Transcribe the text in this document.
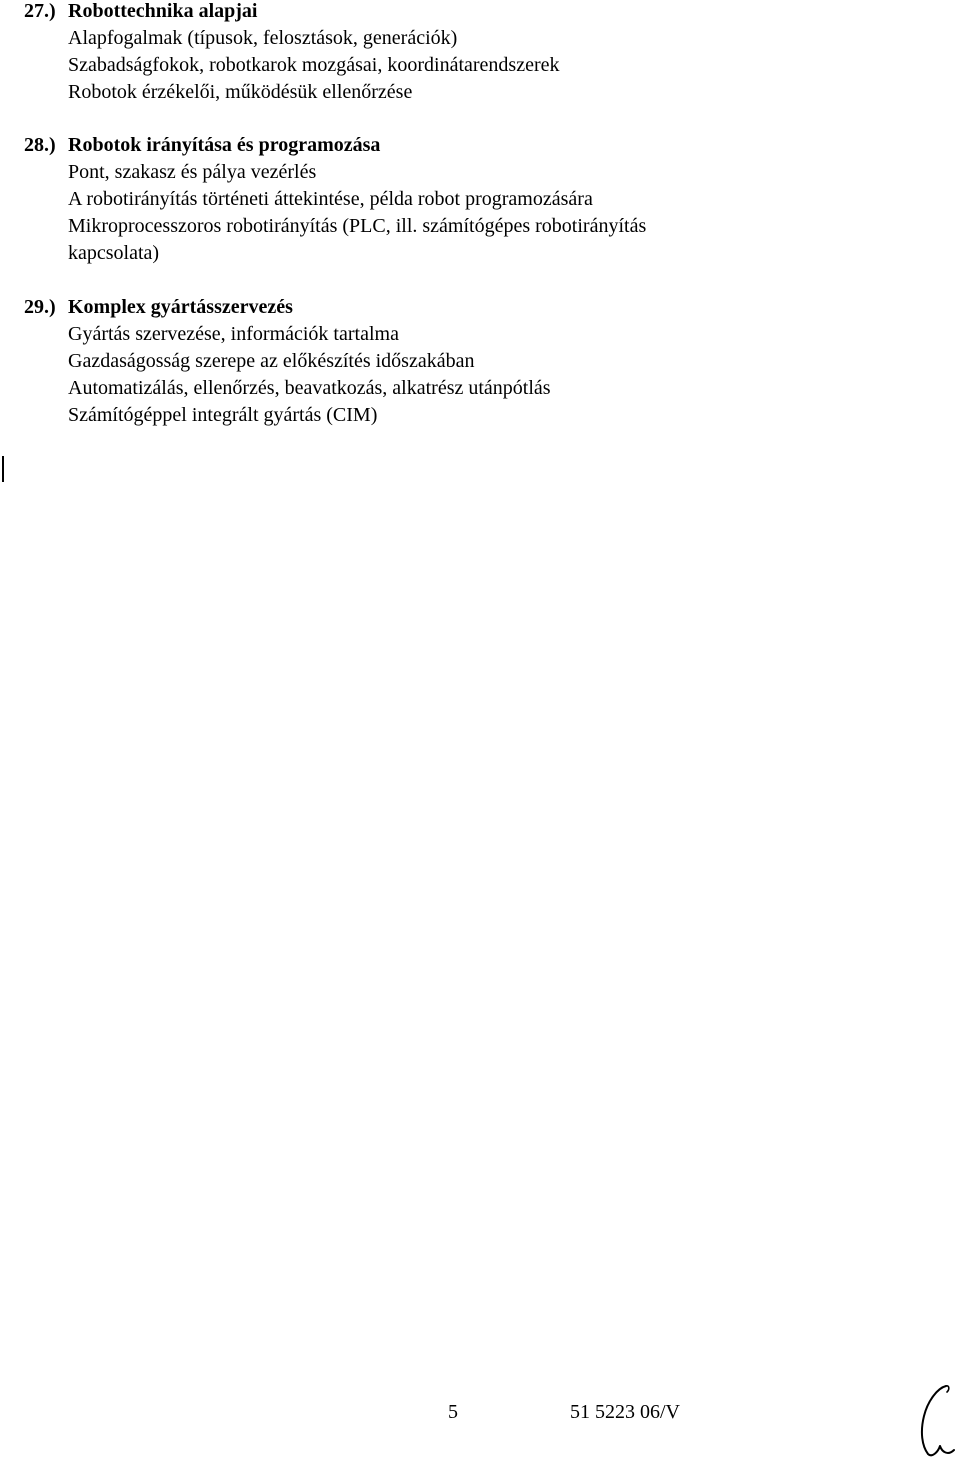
27.) Robottechnika alapjai
Alapfogalmak (típusok, felosztások, generációk)
Szabadságfokok, robotkarok mozgásai, koordinátarendszerek
Robotok érzékelői, működésük ellenőrzése
28.) Robotok irányítása és programozása
Pont, szakasz és pálya vezérlés
A robotirányítás történeti áttekintése, példa robot programozására
Mikroprocesszoros robotirányítás (PLC, ill. számítógépes robotirányítás
kapcsolata)
29.) Komplex gyártásszervezés
Gyártás szervezése, információk tartalma
Gazdaságosság szerepe az előkészítés időszakában
Automatizálás, ellenőrzés, beavatkozás, alkatrész utánpótlás
Számítógéppel integrált gyártás (CIM)
5	51 5223 06/V
